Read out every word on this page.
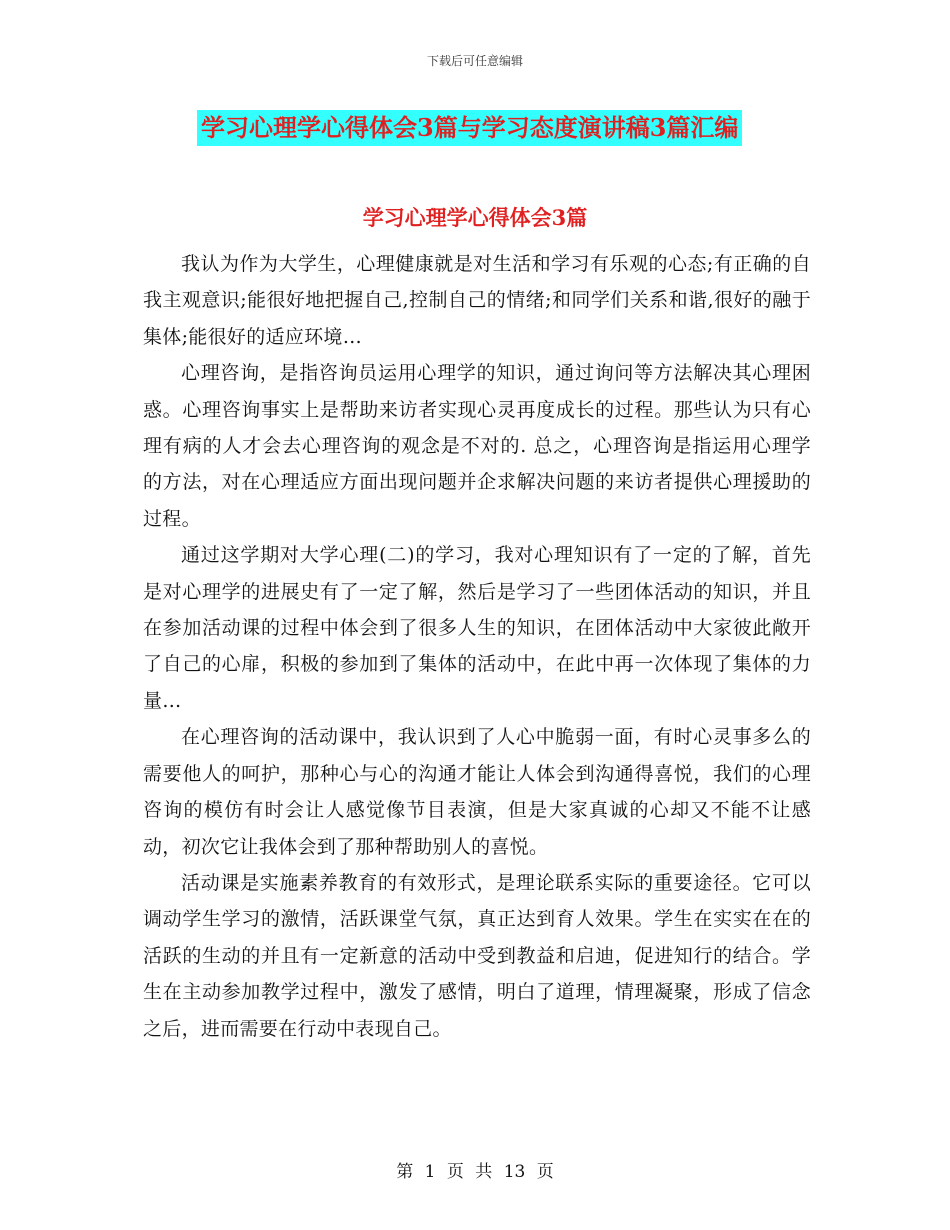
下载后可任意编辑
学习心理学心得体会3篇与学习态度演讲稿3篇汇编
学习心理学心得体会3篇

我认为作为大学生，心理健康就是对生活和学习有乐观的心态;有正确的自我主观意识;能很好地把握自己,控制自己的情绪;和同学们关系和谐,很好的融于集体;能很好的适应环境…

心理咨询，是指咨询员运用心理学的知识，通过询问等方法解决其心理困惑。心理咨询事实上是帮助来访者实现心灵再度成长的过程。那些认为只有心理有病的人才会去心理咨询的观念是不对的. 总之，心理咨询是指运用心理学的方法，对在心理适应方面出现问题并企求解决问题的来访者提供心理援助的过程。

通过这学期对大学心理(二)的学习，我对心理知识有了一定的了解，首先是对心理学的进展史有了一定了解，然后是学习了一些团体活动的知识，并且在参加活动课的过程中体会到了很多人生的知识，在团体活动中大家彼此敞开了自己的心扉，积极的参加到了集体的活动中，在此中再一次体现了集体的力量…

在心理咨询的活动课中，我认识到了人心中脆弱一面，有时心灵事多么的需要他人的呵护，那种心与心的沟通才能让人体会到沟通得喜悦，我们的心理咨询的模仿有时会让人感觉像节目表演，但是大家真诚的心却又不能不让感动，初次它让我体会到了那种帮助别人的喜悦。

活动课是实施素养教育的有效形式，是理论联系实际的重要途径。它可以调动学生学习的激情，活跃课堂气氛，真正达到育人效果。学生在实实在在的活跃的生动的并且有一定新意的活动中受到教益和启迪，促进知行的结合。学生在主动参加教学过程中，激发了感情，明白了道理，情理凝聚，形成了信念之后，进而需要在行动中表现自己。

第 1 页 共 13 页
